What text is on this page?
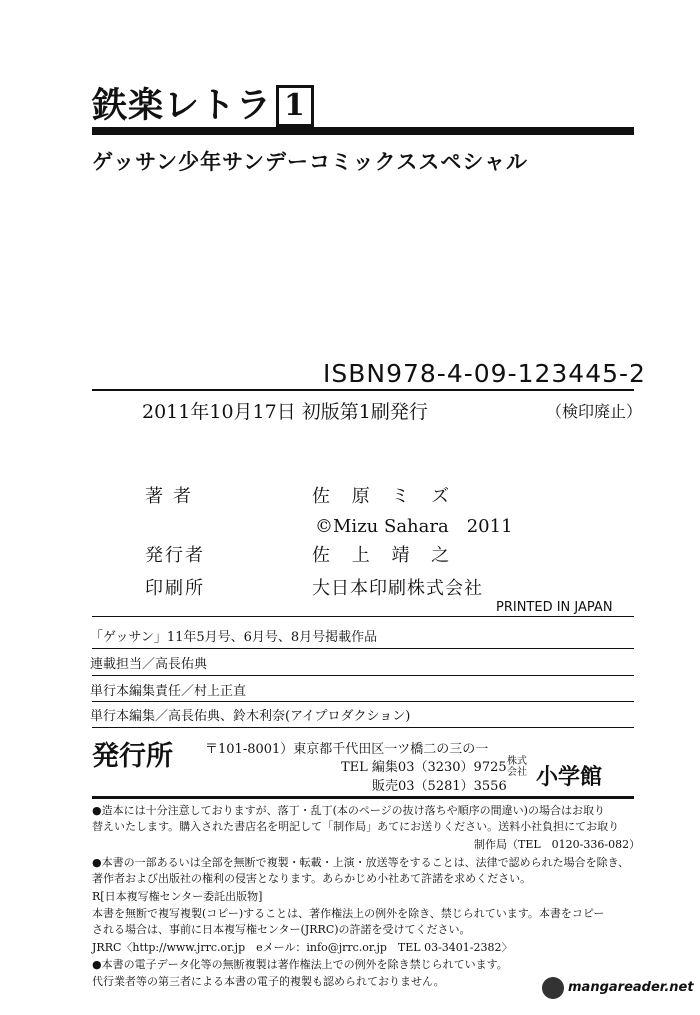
鉄楽レトラ 1
ゲッサン少年サンデーコミックススペシャル
ISBN978-4-09-123445-2
2011年10月17日 初版第1刷発行	（検印廃止）
著者	佐 原 ミ ズ
©Mizu Sahara　2011
発行者	佐 上 靖 之
印刷所	大日本印刷株式会社
PRINTED IN JAPAN
「ゲッサン」11年5月号、6月号、8月号掲載作品
連載担当／高長佑典
単行本編集責任／村上正直
単行本編集／高長佑典、鈴木利奈(アイプロダクション)
発行所 〒101-8001）東京都千代田区一ツ橋二の三の一
TEL 編集03（3230）9725
販売03（5281）3556
株式会社 小学館
●造本には十分注意しておりますが、落丁・乱丁(本のページの抜け落ちや順序の間違い)の場合はお取り
替えいたします。購入された書店名を明記して「制作局」あてにお送りください。送料小社負担にてお取り
制作局（TEL　0120-336-082）
●本書の一部あるいは全部を無断で複製・転載・上演・放送等をすることは、法律で認められた場合を除き、
著作者および出版社の権利の侵害となります。あらかじめ小社あて許諾を求めください。
R[日本複写権センター委託出版物]
本書を無断で複写複製(コピー)することは、著作権法上の例外を除き、禁じられています。本書をコピー
される場合は、事前に日本複写権センター(JRRC)の許諾を受けてください。
JRRC〈http://www.jrrc.or.jp　eメール：info@jrrc.or.jp　TEL 03-3401-2382〉
●本書の電子データ化等の無断複製は著作権法上での例外を除き禁じられています。
代行業者等の第三者による本書の電子的複製も認められておりません。	mangareader.net
